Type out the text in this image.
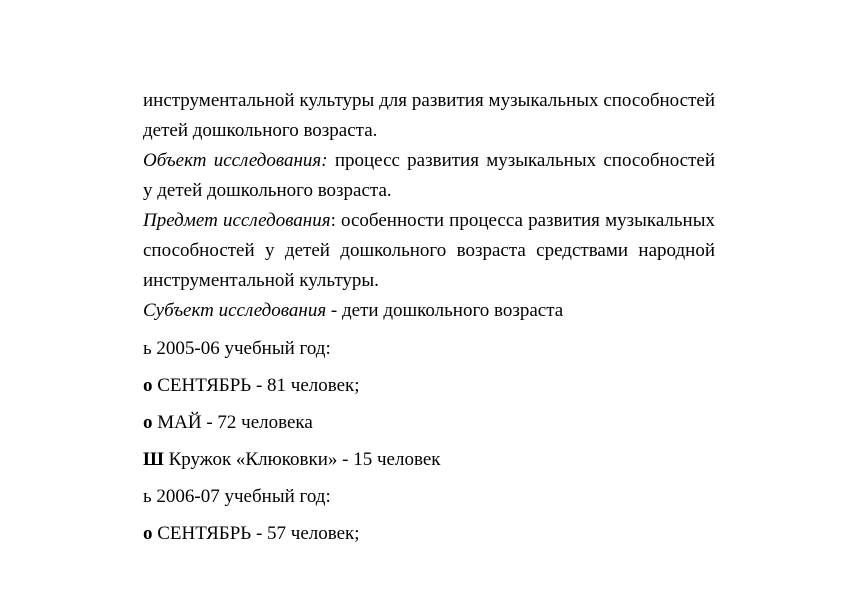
инструментальной культуры для развития музыкальных способностей детей дошкольного возраста.

Объект исследования: процесс развития музыкальных способностей у детей дошкольного возраста.

Предмет исследования: особенности процесса развития музыкальных способностей у детей дошкольного возраста средствами народной инструментальной культуры.

Субъект исследования - дети дошкольного возраста

ь 2005-06 учебный год:
o СЕНТЯБРЬ - 81 человек;
o МАЙ - 72 человека
Ш Кружок «Клюковки» - 15 человек
ь 2006-07 учебный год:
o СЕНТЯБРЬ - 57 человек;
